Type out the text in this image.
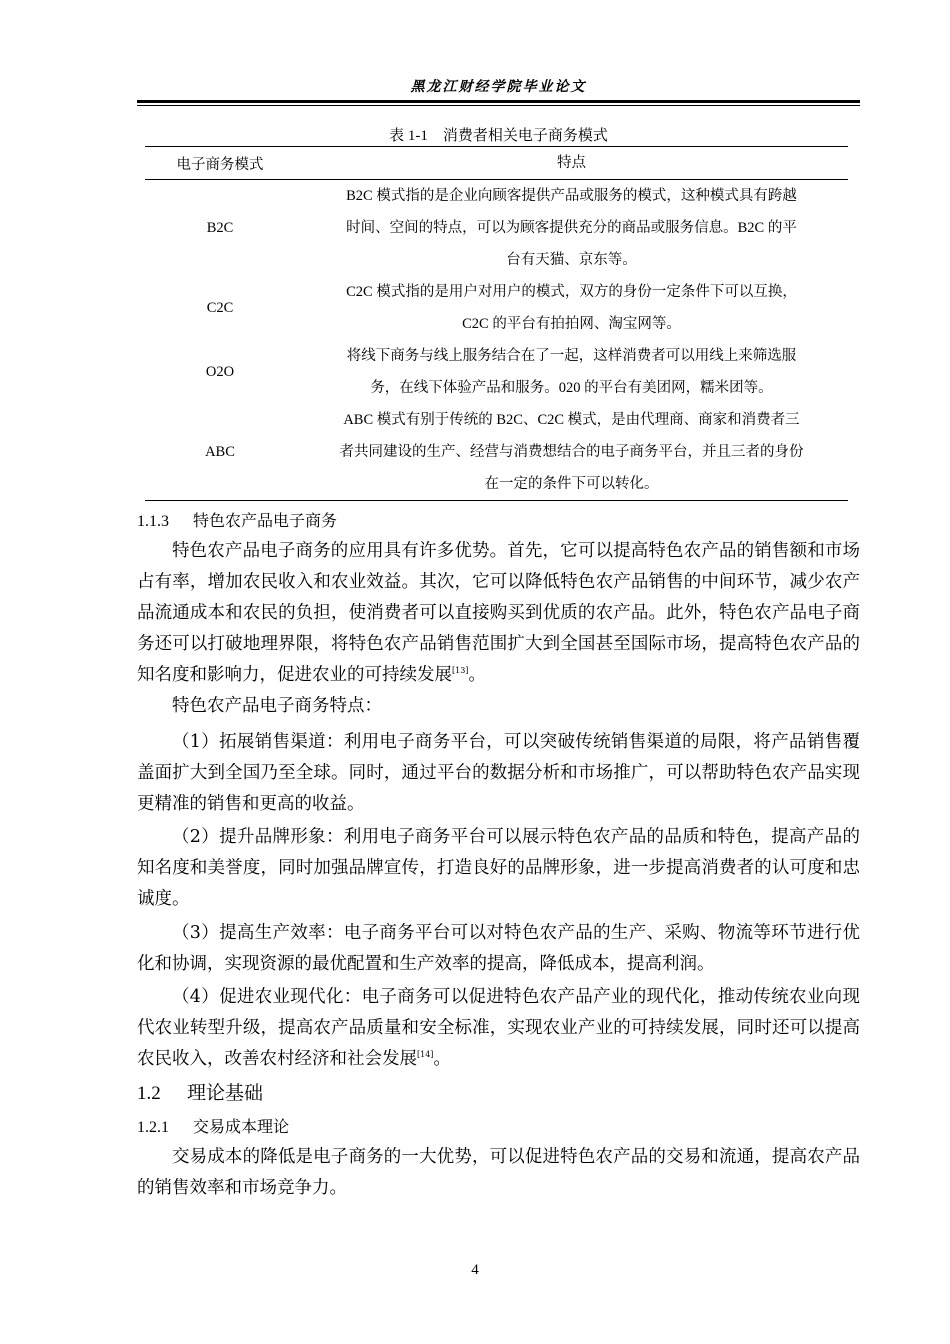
黑龙江财经学院毕业论文
表 1-1　消费者相关电子商务模式
电子商务模式	特点
B2C	B2C 模式指的是企业向顾客提供产品或服务的模式，这种模式具有跨越
时间、空间的特点，可以为顾客提供充分的商品或服务信息。B2C 的平
台有天猫、京东等。

C2C	C2C 模式指的是用户对用户的模式，双方的身份一定条件下可以互换，
C2C 的平台有拍拍网、淘宝网等。

O2O	将线下商务与线上服务结合在了一起，这样消费者可以用线上来筛选服
务，在线下体验产品和服务。020 的平台有美团网，糯米团等。

ABC	ABC 模式有别于传统的 B2C、C2C 模式，是由代理商、商家和消费者三
者共同建设的生产、经营与消费想结合的电子商务平台，并且三者的身份
在一定的条件下可以转化。
1.1.3 特色农产品电子商务

特色农产品电子商务的应用具有许多优势。首先，它可以提高特色农产品的销售额和市场占有率，增加农民收入和农业效益。其次，它可以降低特色农产品销售的中间环节，减少农产品流通成本和农民的负担，使消费者可以直接购买到优质的农产品。此外，特色农产品电子商务还可以打破地理界限，将特色农产品销售范围扩大到全国甚至国际市场，提高特色农产品的知名度和影响力，促进农业的可持续发展[13]。

特色农产品电子商务特点：

（1）拓展销售渠道：利用电子商务平台，可以突破传统销售渠道的局限，将产品销售覆盖面扩大到全国乃至全球。同时，通过平台的数据分析和市场推广，可以帮助特色农产品实现更精准的销售和更高的收益。

（2）提升品牌形象：利用电子商务平台可以展示特色农产品的品质和特色，提高产品的知名度和美誉度，同时加强品牌宣传，打造良好的品牌形象，进一步提高消费者的认可度和忠诚度。

（3）提高生产效率：电子商务平台可以对特色农产品的生产、采购、物流等环节进行优化和协调，实现资源的最优配置和生产效率的提高，降低成本，提高利润。

（4）促进农业现代化：电子商务可以促进特色农产品产业的现代化，推动传统农业向现代农业转型升级，提高农产品质量和安全标准，实现农业产业的可持续发展，同时还可以提高农民收入，改善农村经济和社会发展[14]。

1.2 理论基础
1.2.1 交易成本理论

交易成本的降低是电子商务的一大优势，可以促进特色农产品的交易和流通，提高农产品的销售效率和市场竞争力。

4
